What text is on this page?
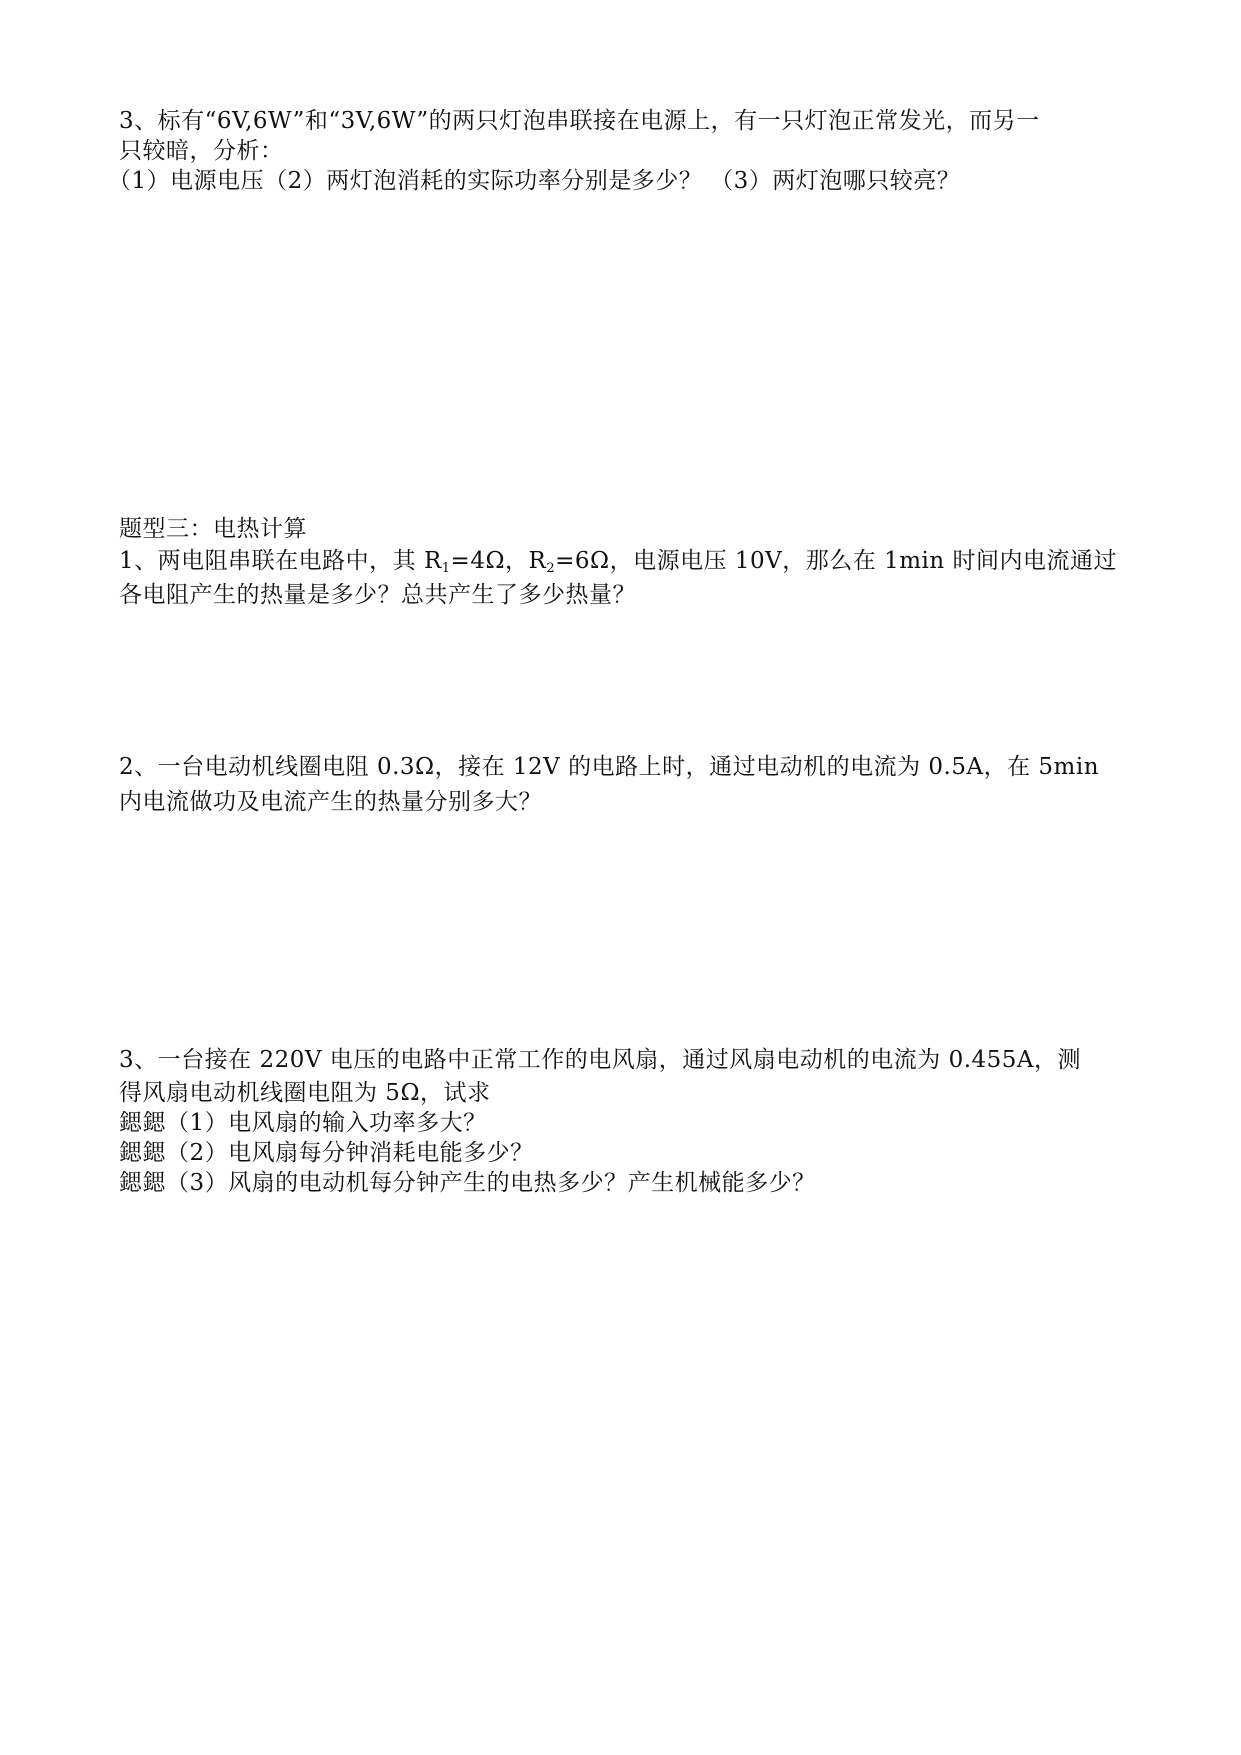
3、标有“6V,6W”和“3V,6W”的两只灯泡串联接在电源上，有一只灯泡正常发光，而另一
只较暗，分析：
（1）电源电压（2）两灯泡消耗的实际功率分别是多少？ （3）两灯泡哪只较亮？
题型三：电热计算
1、两电阻串联在电路中，其 $R_1=4\Omega$，$R_2=6\Omega$，电源电压 10V，那么在 1min 时间内电流通过
各电阻产生的热量是多少？总共产生了多少热量？
2、一台电动机线圈电阻 0.3Ω，接在 12V 的电路上时，通过电动机的电流为 0.5A，在 5min
内电流做功及电流产生的热量分别多大？
3、一台接在 220V 电压的电路中正常工作的电风扇，通过风扇电动机的电流为 0.455A，测
得风扇电动机线圈电阻为 5Ω，试求
鍶鍶（1）电风扇的输入功率多大？
鍶鍶（2）电风扇每分钟消耗电能多少？
鍶鍶（3）风扇的电动机每分钟产生的电热多少？产生机械能多少？
